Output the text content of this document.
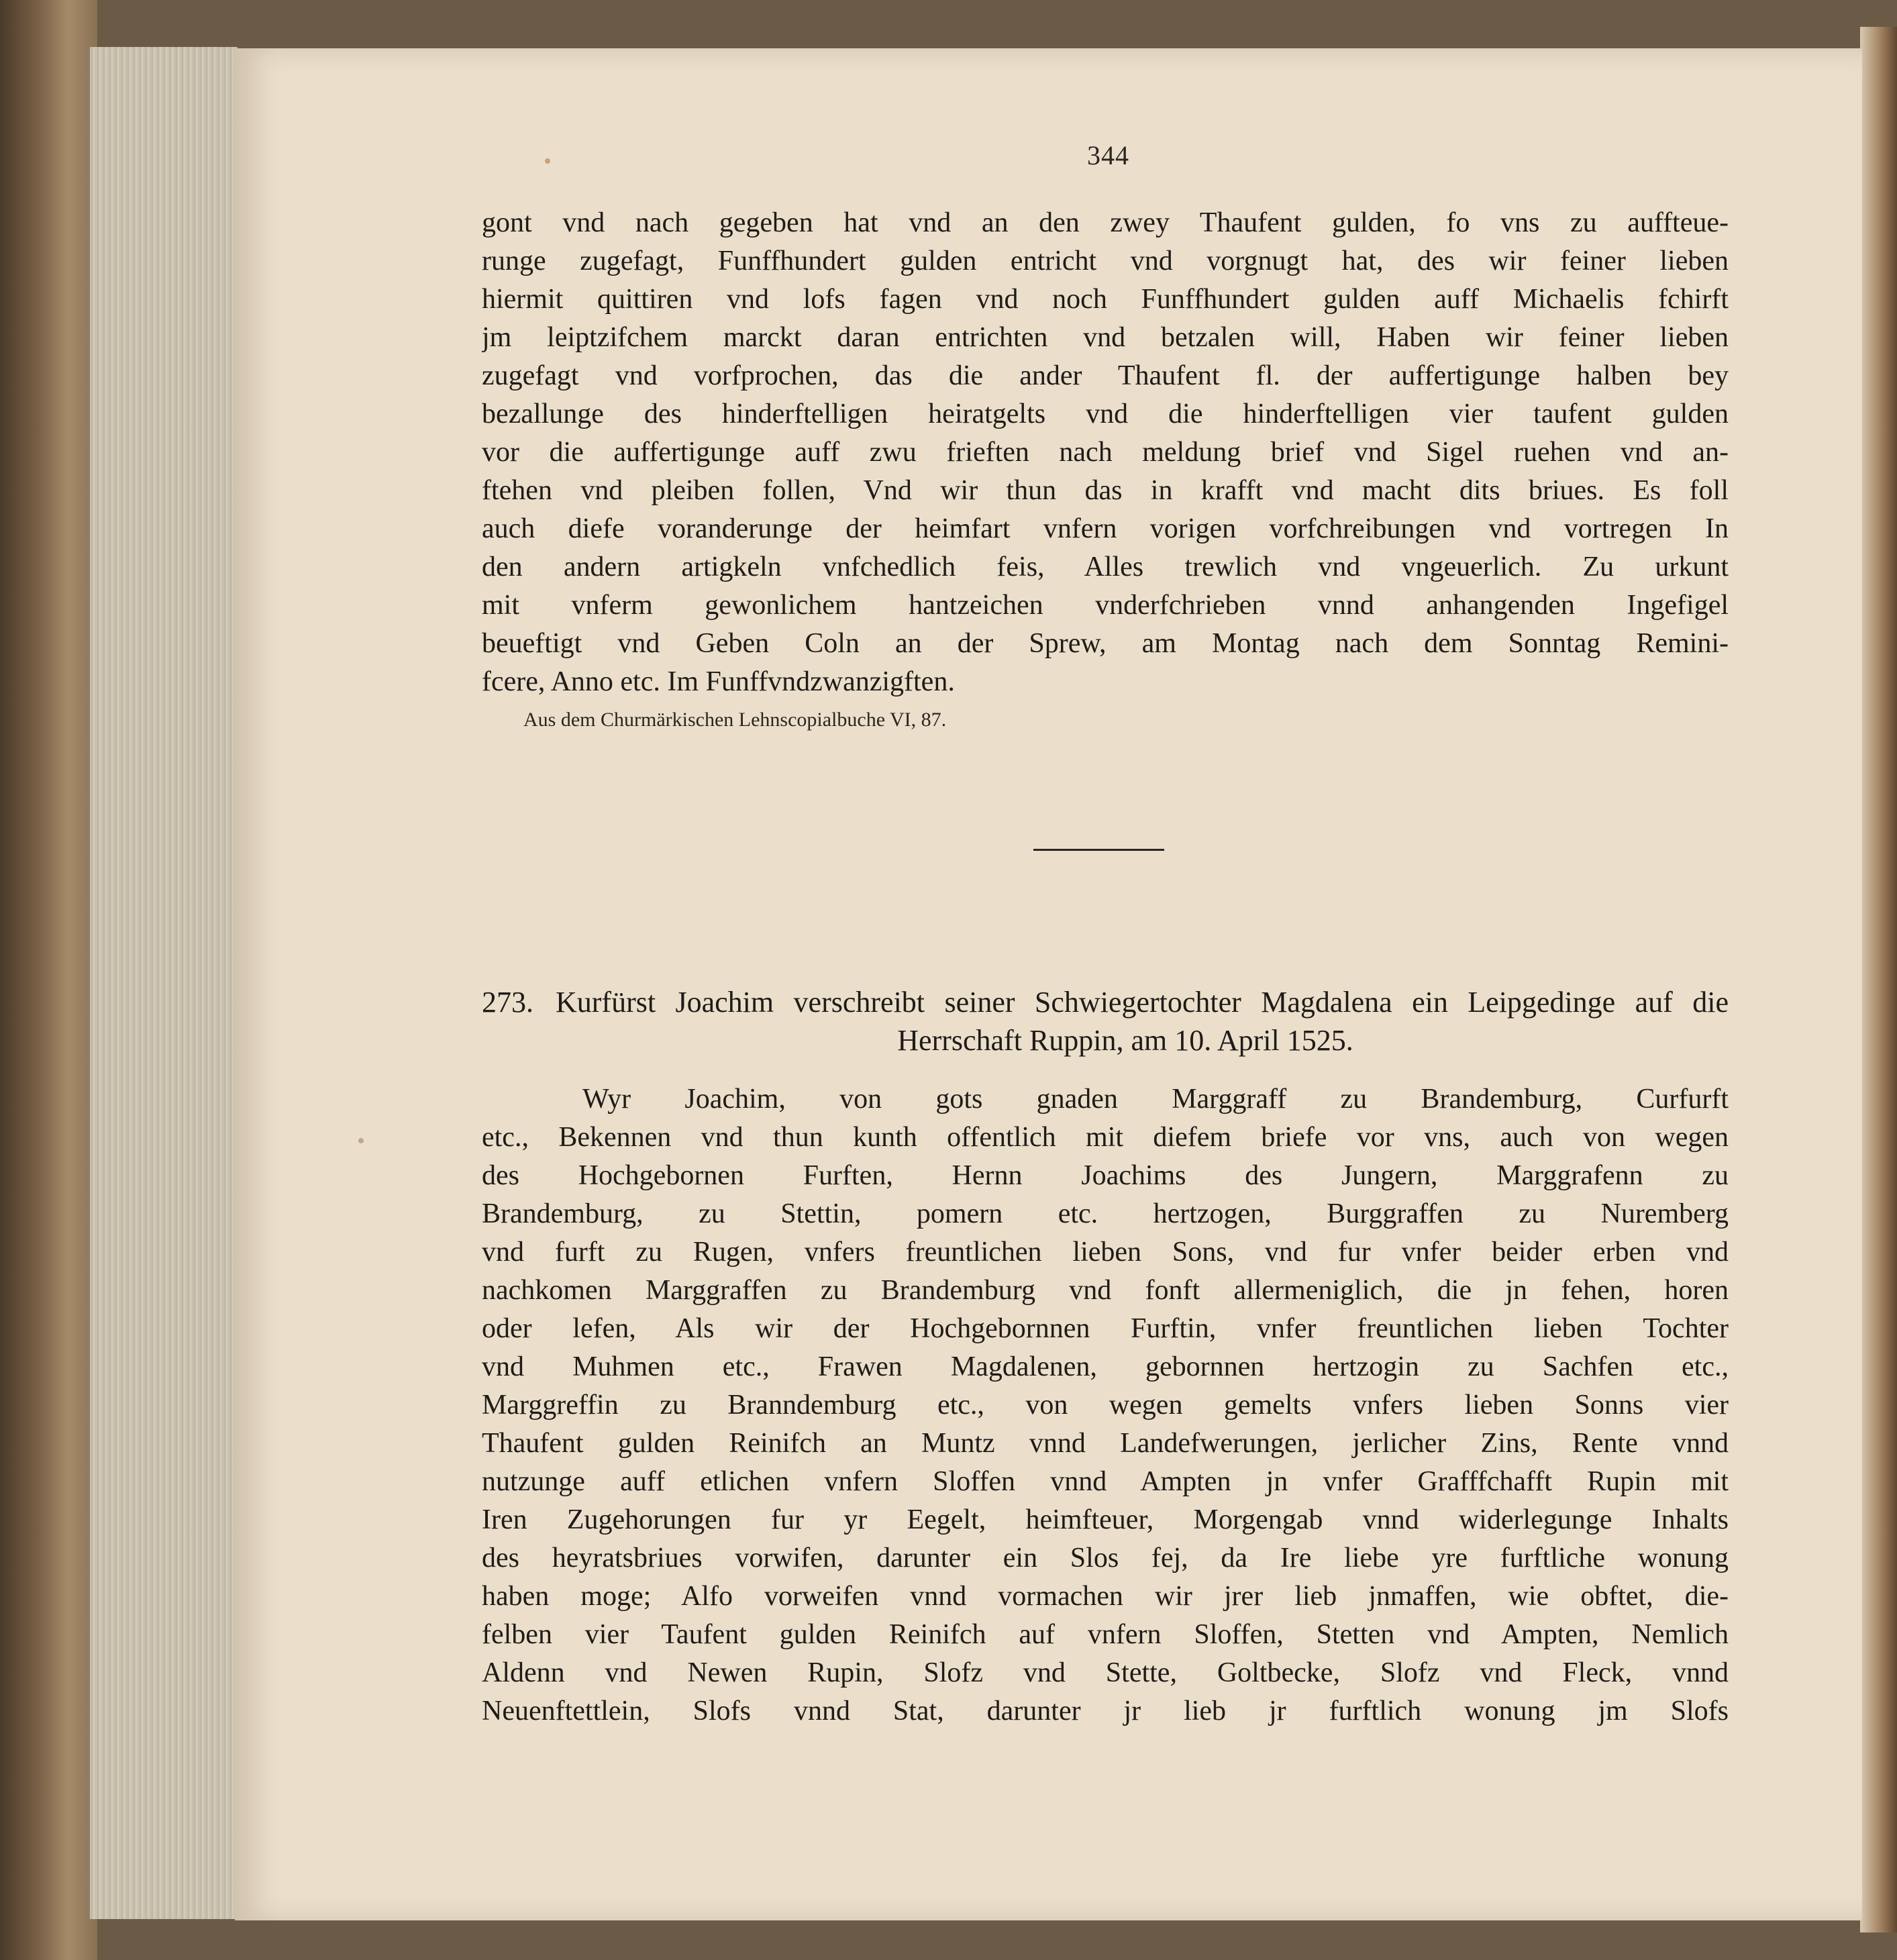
344
gont vnd nach gegeben hat vnd an den zwey Thaufent gulden, fo vns zu auffteue-
runge zugefagt, Funffhundert gulden entricht vnd vorgnugt hat, des wir feiner lieben
hiermit quittiren vnd lofs fagen vnd noch Funffhundert gulden auff Michaelis fchirft
jm leiptzifchem marckt daran entrichten vnd betzalen will, Haben wir feiner lieben
zugefagt vnd vorfprochen, das die ander Thaufent fl. der auffertigunge halben bey
bezallunge des hinderftelligen heiratgelts vnd die hinderftelligen vier taufent gulden
vor die auffertigunge auff zwu frieften nach meldung brief vnd Sigel ruehen vnd an-
ftehen vnd pleiben follen, Vnd wir thun das in krafft vnd macht dits briues. Es foll
auch diefe voranderunge der heimfart vnfern vorigen vorfchreibungen vnd vortregen In
den andern artigkeln vnfchedlich feis, Alles trewlich vnd vngeuerlich. Zu urkunt
mit vnferm gewonlichem hantzeichen vnderfchrieben vnnd anhangenden Ingefigel
beueftigt vnd Geben Coln an der Sprew, am Montag nach dem Sonntag Remini-
fcere, Anno etc. Im Funffvndzwanzigften.
Aus dem Churmärkischen Lehnscopialbuche VI, 87.
273. Kurfürst Joachim verschreibt seiner Schwiegertochter Magdalena ein Leipgedinge auf die
Herrschaft Ruppin, am 10. April 1525.
Wyr Joachim, von gots gnaden Marggraff zu Brandemburg, Curfurft
etc., Bekennen vnd thun kunth offentlich mit diefem briefe vor vns, auch von wegen
des Hochgebornen Furften, Hernn Joachims des Jungern, Marggrafenn zu
Brandemburg, zu Stettin, pomern etc. hertzogen, Burggraffen zu Nuremberg
vnd furft zu Rugen, vnfers freuntlichen lieben Sons, vnd fur vnfer beider erben vnd
nachkomen Marggraffen zu Brandemburg vnd fonft allermeniglich, die jn fehen, horen
oder lefen, Als wir der Hochgebornnen Furftin, vnfer freuntlichen lieben Tochter
vnd Muhmen etc., Frawen Magdalenen, gebornnen hertzogin zu Sachfen etc.,
Marggreffin zu Branndemburg etc., von wegen gemelts vnfers lieben Sonns vier
Thaufent gulden Reinifch an Muntz vnnd Landefwerungen, jerlicher Zins, Rente vnnd
nutzunge auff etlichen vnfern Sloffen vnnd Ampten jn vnfer Grafffchafft Rupin mit
Iren Zugehorungen fur yr Eegelt, heimfteuer, Morgengab vnnd widerlegunge Inhalts
des heyratsbriues vorwifen, darunter ein Slos fej, da Ire liebe yre furftliche wonung
haben moge; Alfo vorweifen vnnd vormachen wir jrer lieb jnmaffen, wie obftet, die-
felben vier Taufent gulden Reinifch auf vnfern Sloffen, Stetten vnd Ampten, Nemlich
Aldenn vnd Newen Rupin, Slofz vnd Stette, Goltbecke, Slofz vnd Fleck, vnnd
Neuenftettlein, Slofs vnnd Stat, darunter jr lieb jr furftlich wonung jm Slofs
